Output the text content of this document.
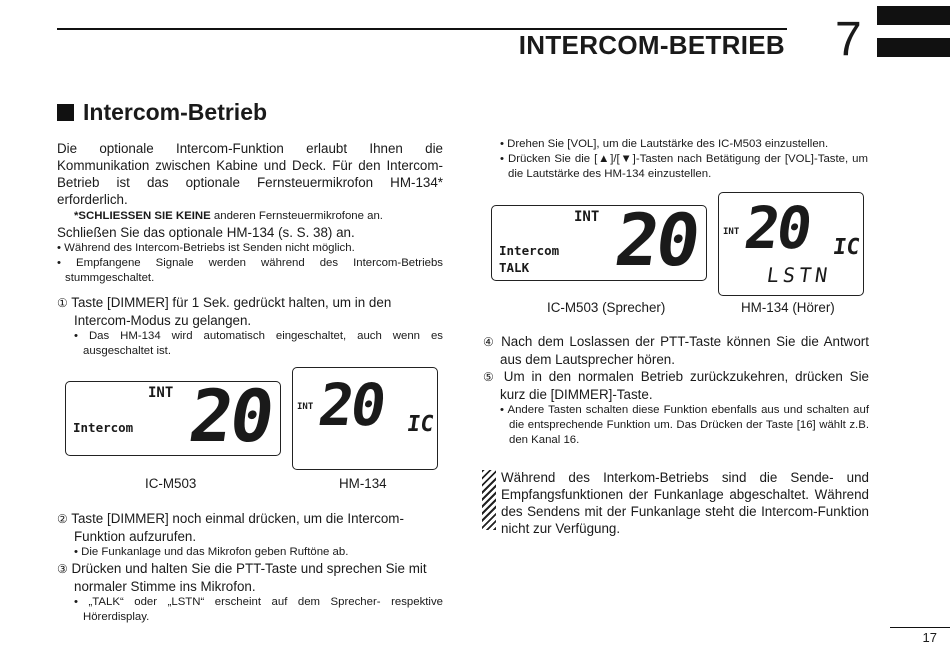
INTERCOM-BETRIEB 7
Intercom-Betrieb

Die optionale Intercom-Funktion erlaubt Ihnen die Kommunikation zwischen Kabine und Deck. Für den Intercom-Betrieb ist das optionale Fernsteuermikrofon HM-134* erforderlich.

*SCHLIESSEN SIE KEINE anderen Fernsteuermikrofone an.

Schließen Sie das optionale HM-134 (s. S. 38) an.

• Während des Intercom-Betriebs ist Senden nicht möglich.

• Empfangene Signale werden während des Intercom-Betriebs stummgeschaltet.

① Taste [DIMMER] für 1 Sek. gedrückt halten, um in den Intercom-Modus zu gelangen.

• Das HM-134 wird automatisch eingeschaltet, auch wenn es ausgeschaltet ist.

INT
Intercom 20
IC-M503
INT 20 IC
HM-134

② Taste [DIMMER] noch einmal drücken, um die Intercom-Funktion aufzurufen.

• Die Funkanlage und das Mikrofon geben Ruftöne ab.

③ Drücken und halten Sie die PTT-Taste und sprechen Sie mit normaler Stimme ins Mikrofon.

• „TALK“ oder „LSTN“ erscheint auf dem Sprecher- respektive Hörerdisplay.

• Drehen Sie [VOL], um die Lautstärke des IC-M503 einzustellen.

• Drücken Sie die [▲]/[▼]-Tasten nach Betätigung der [VOL]-Taste, um die Lautstärke des HM-134 einzustellen.

INT
Intercom
TALK 20
IC-M503 (Sprecher)
INT 20 IC
LSTN
HM-134 (Hörer)

④ Nach dem Loslassen der PTT-Taste können Sie die Antwort aus dem Lautsprecher hören.

⑤ Um in den normalen Betrieb zurückzukehren, drücken Sie kurz die [DIMMER]-Taste.

• Andere Tasten schalten diese Funktion ebenfalls aus und schalten auf die entsprechende Funktion um. Das Drücken der Taste [16] wählt z.B. den Kanal 16.

Während des Interkom-Betriebs sind die Sende- und Empfangsfunktionen der Funkanlage abgeschaltet. Während des Sendens mit der Funkanlage steht die Intercom-Funktion nicht zur Verfügung.
17
